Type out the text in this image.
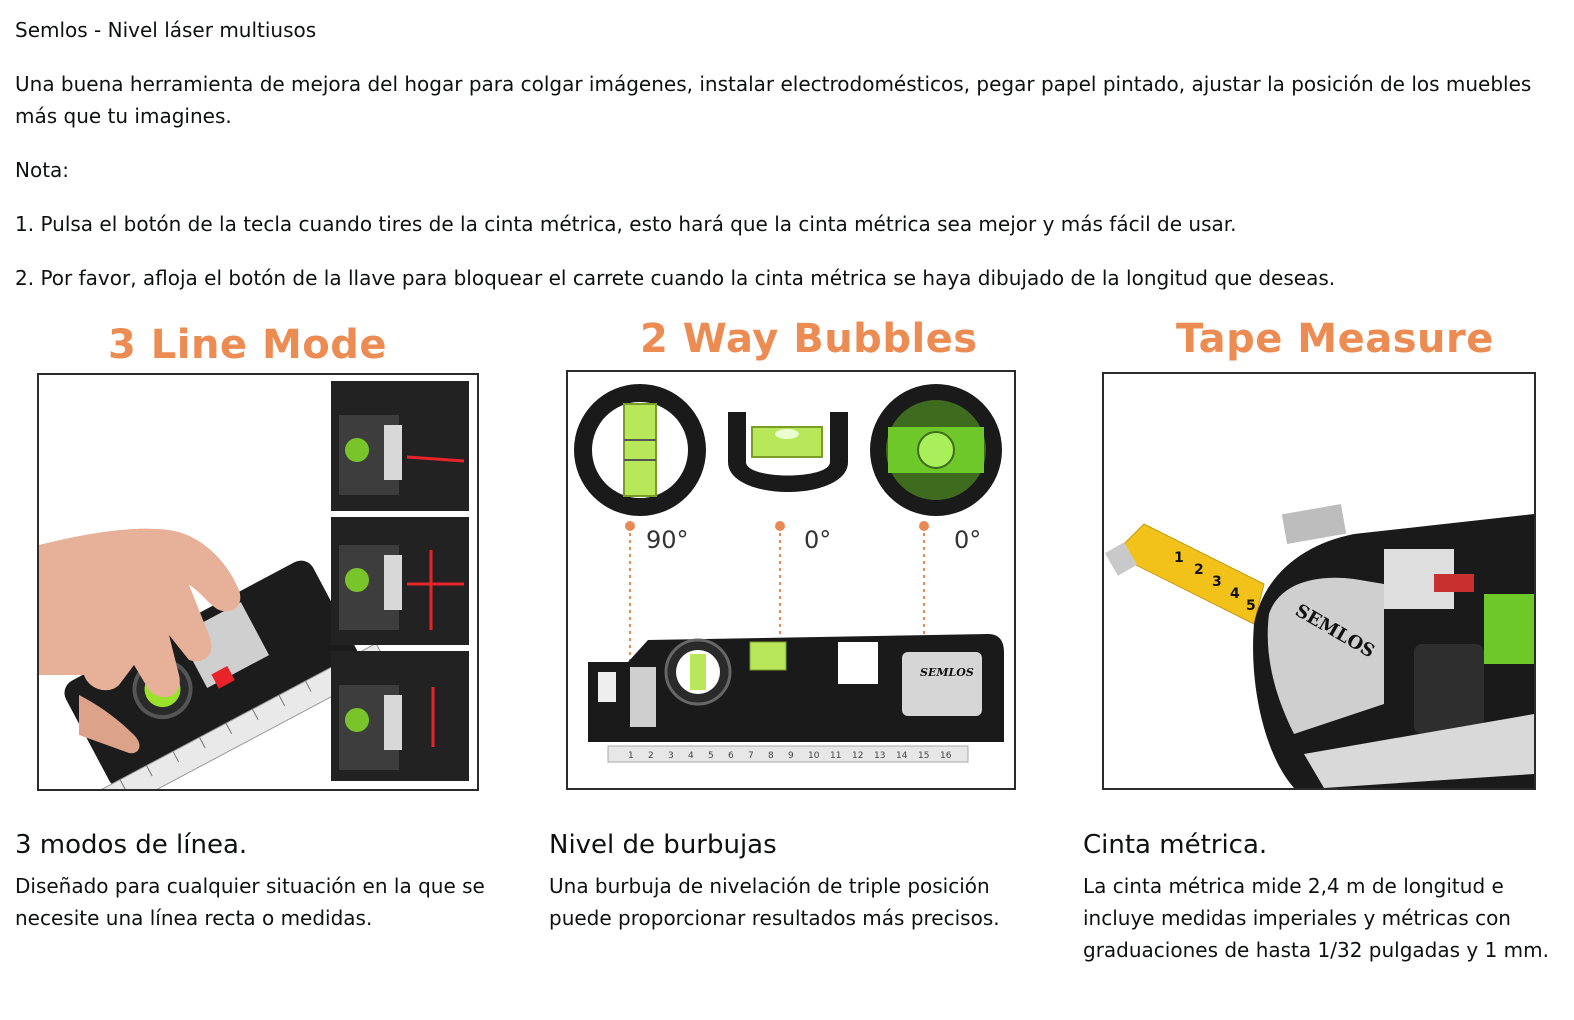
Semlos - Nivel láser multiusos
Una buena herramienta de mejora del hogar para colgar imágenes, instalar electrodomésticos, pegar papel pintado, ajustar la posición de los muebles más que tu imagines.
Nota:
1. Pulsa el botón de la tecla cuando tires de la cinta métrica, esto hará que la cinta métrica sea mejor y más fácil de usar.
2. Por favor, afloja el botón de la llave para bloquear el carrete cuando la cinta métrica se haya dibujado de la longitud que deseas.
3 Line Mode
3 modos de línea.
Diseñado para cualquier situación en la que se necesite una línea recta o medidas.
2 Way Bubbles
90°	0°	0°
SEMLOS
1 2 3 4 5 6 7 8 9 10 11 12 13 14 15 16
Nivel de burbujas
Una burbuja de nivelación de triple posición puede proporcionar resultados más precisos.
Tape Measure
1
2
3
4
5 SEMLOS
Cinta métrica.
La cinta métrica mide 2,4 m de longitud e incluye medidas imperiales y métricas con graduaciones de hasta 1/32 pulgadas y 1 mm.
